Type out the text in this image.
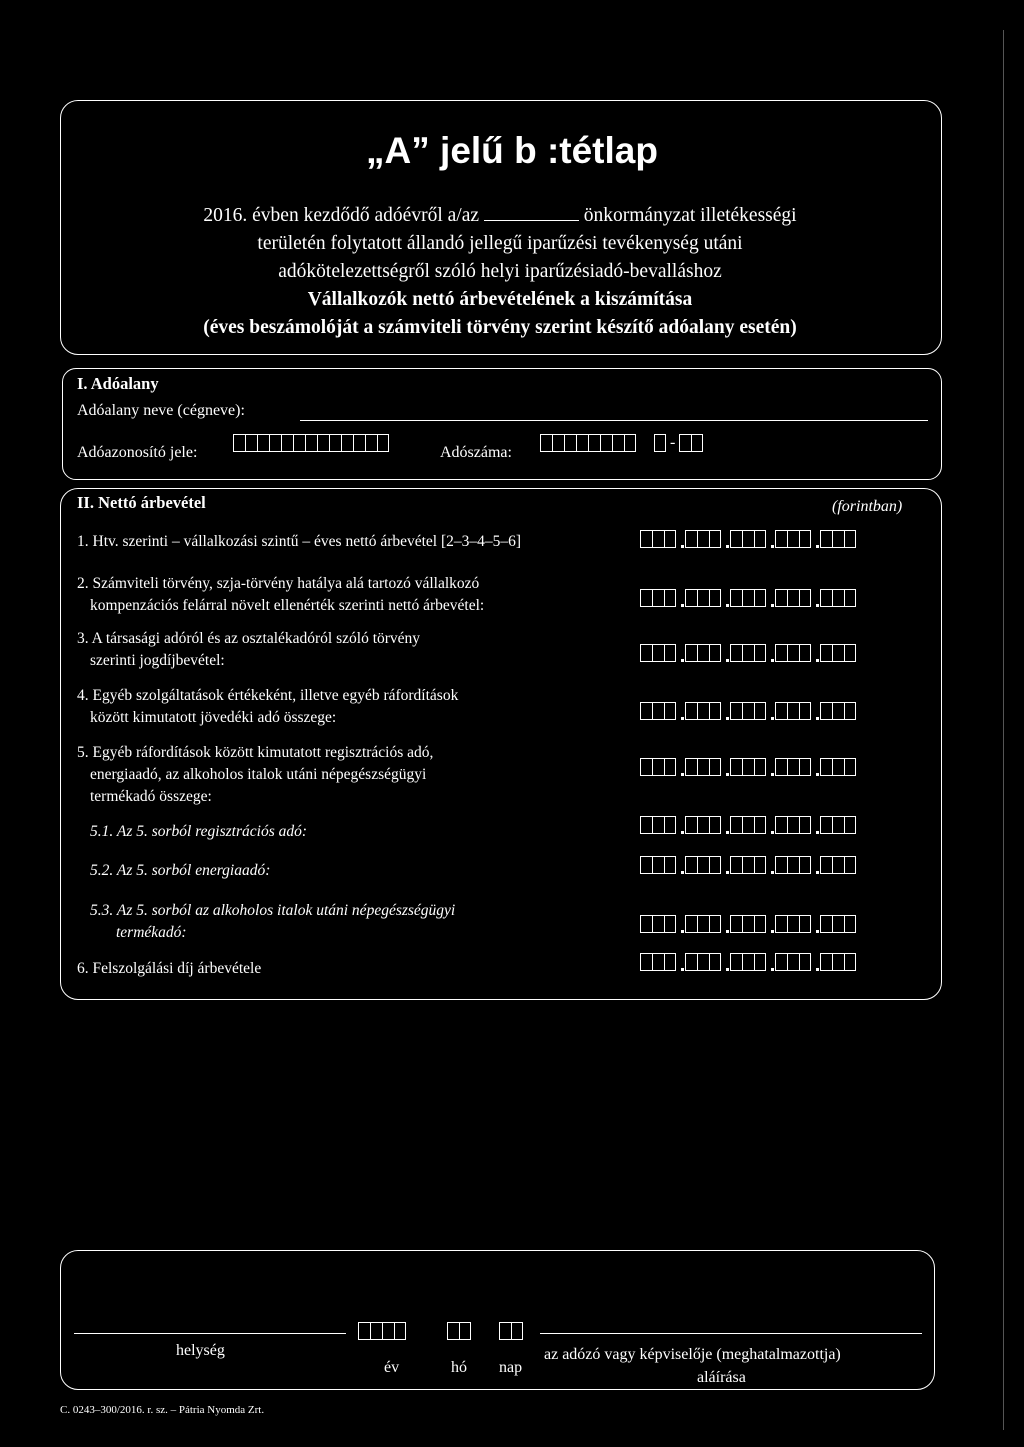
„A” jelű b :tétlap
2016. évben kezdődő adóévről a/az	önkormányzat illetékességi
területén folytatott állandó jellegű iparűzési tevékenység utáni
adókötelezettségről szóló helyi iparűzésiadó-bevalláshoz
Vállalkozók nettó árbevételének a kiszámítása
(éves beszámolóját a számviteli törvény szerint készítő adóalany esetén)
I. Adóalany
Adóalany neve (cégneve):
Adóazonosító jele:	Adószáma:
-
II. Nettó árbevétel	(forintban)
1. Htv. szerinti – vállalkozási szintű – éves nettó árbevétel [2–3–4–5–6]
2. Számviteli törvény, szja-törvény hatálya alá tartozó vállalkozó
kompenzációs felárral növelt ellenérték szerinti nettó árbevétel:
3. A társasági adóról és az osztalékadóról szóló törvény
szerinti jogdíjbevétel:
4. Egyéb szolgáltatások értékeként, illetve egyéb ráfordítások
között kimutatott jövedéki adó összege:
5. Egyéb ráfordítások között kimutatott regisztrációs adó,
energiaadó, az alkoholos italok utáni népegészségügyi
termékadó összege:
5.1. Az 5. sorból regisztrációs adó:
5.2. Az 5. sorból energiaadó:
5.3. Az 5. sorból az alkoholos italok utáni népegészségügyi
termékadó:
6. Felszolgálási díj árbevétele
helység
év	hó nap
az adózó vagy képviselője (meghatalmazottja)
aláírása
C. 0243–300/2016. r. sz. – Pátria Nyomda Zrt.
